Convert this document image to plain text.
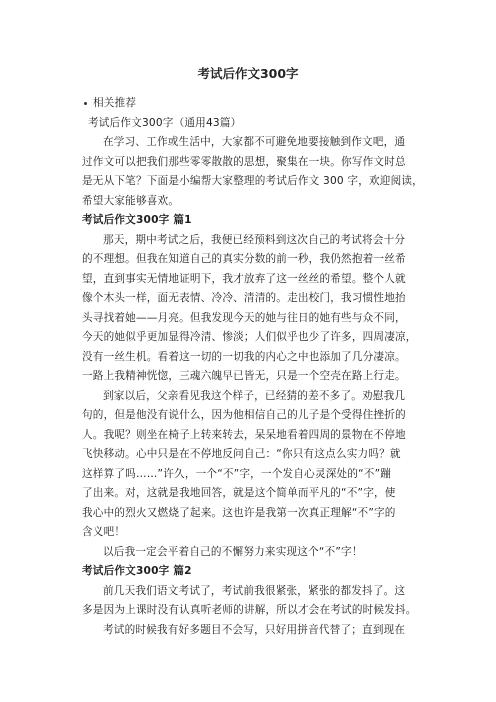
考试后作文300字

相关推荐

考试后作文300字（通用43篇）

在学习、工作或生活中，大家都不可避免地要接触到作文吧，通

过作文可以把我们那些零零散散的思想，聚集在一块。你写作文时总

是无从下笔？下面是小编帮大家整理的考试后作文 300 字，欢迎阅读，

希望大家能够喜欢。

考试后作文300字 篇1

那天，期中考试之后，我便已经预料到这次自己的考试将会十分

的不理想。但我在知道自己的真实分数的前一秒，我仍然抱着一丝希

望，直到事实无情地证明下，我才放弃了这一丝丝的希望。整个人就

像个木头一样，面无表情、冷冷、清清的。走出校门，我习惯性地抬

头寻找着她——月亮。但我发现今天的她与往日的她有些与众不同，

今天的她似乎更加显得冷清、惨淡；人们似乎也少了许多，四周凄凉，

没有一丝生机。看着这一切的一切我的内心之中也添加了几分凄凉。

一路上我精神恍惚，三魂六魄早已皆无，只是一个空壳在路上行走。

到家以后，父亲看见我这个样子，已经猜的差不多了。劝慰我几

句的，但是他没有说什么，因为他相信自己的儿子是个受得住挫折的

人。我呢？则坐在椅子上转来转去，呆呆地看着四周的景物在不停地

飞快移动。心中只是在不停地反问自己：“你只有这点么实力吗？就

这样算了吗……”许久，一个“不”字，一个发自心灵深处的“不”蹦

了出来。对，这就是我地回答，就是这个简单而平凡的“不”字，使

我心中的烈火又燃烧了起来。这也许是我第一次真正理解“不”字的

含义吧！

以后我一定会平着自己的不懈努力来实现这个“不”字！

考试后作文300字 篇2

前几天我们语文考试了，考试前我很紧张，紧张的都发抖了。这

多是因为上课时没有认真听老师的讲解，所以才会在考试的时候发抖。

考试的时候我有好多题目不会写，只好用拼音代替了；直到现在
